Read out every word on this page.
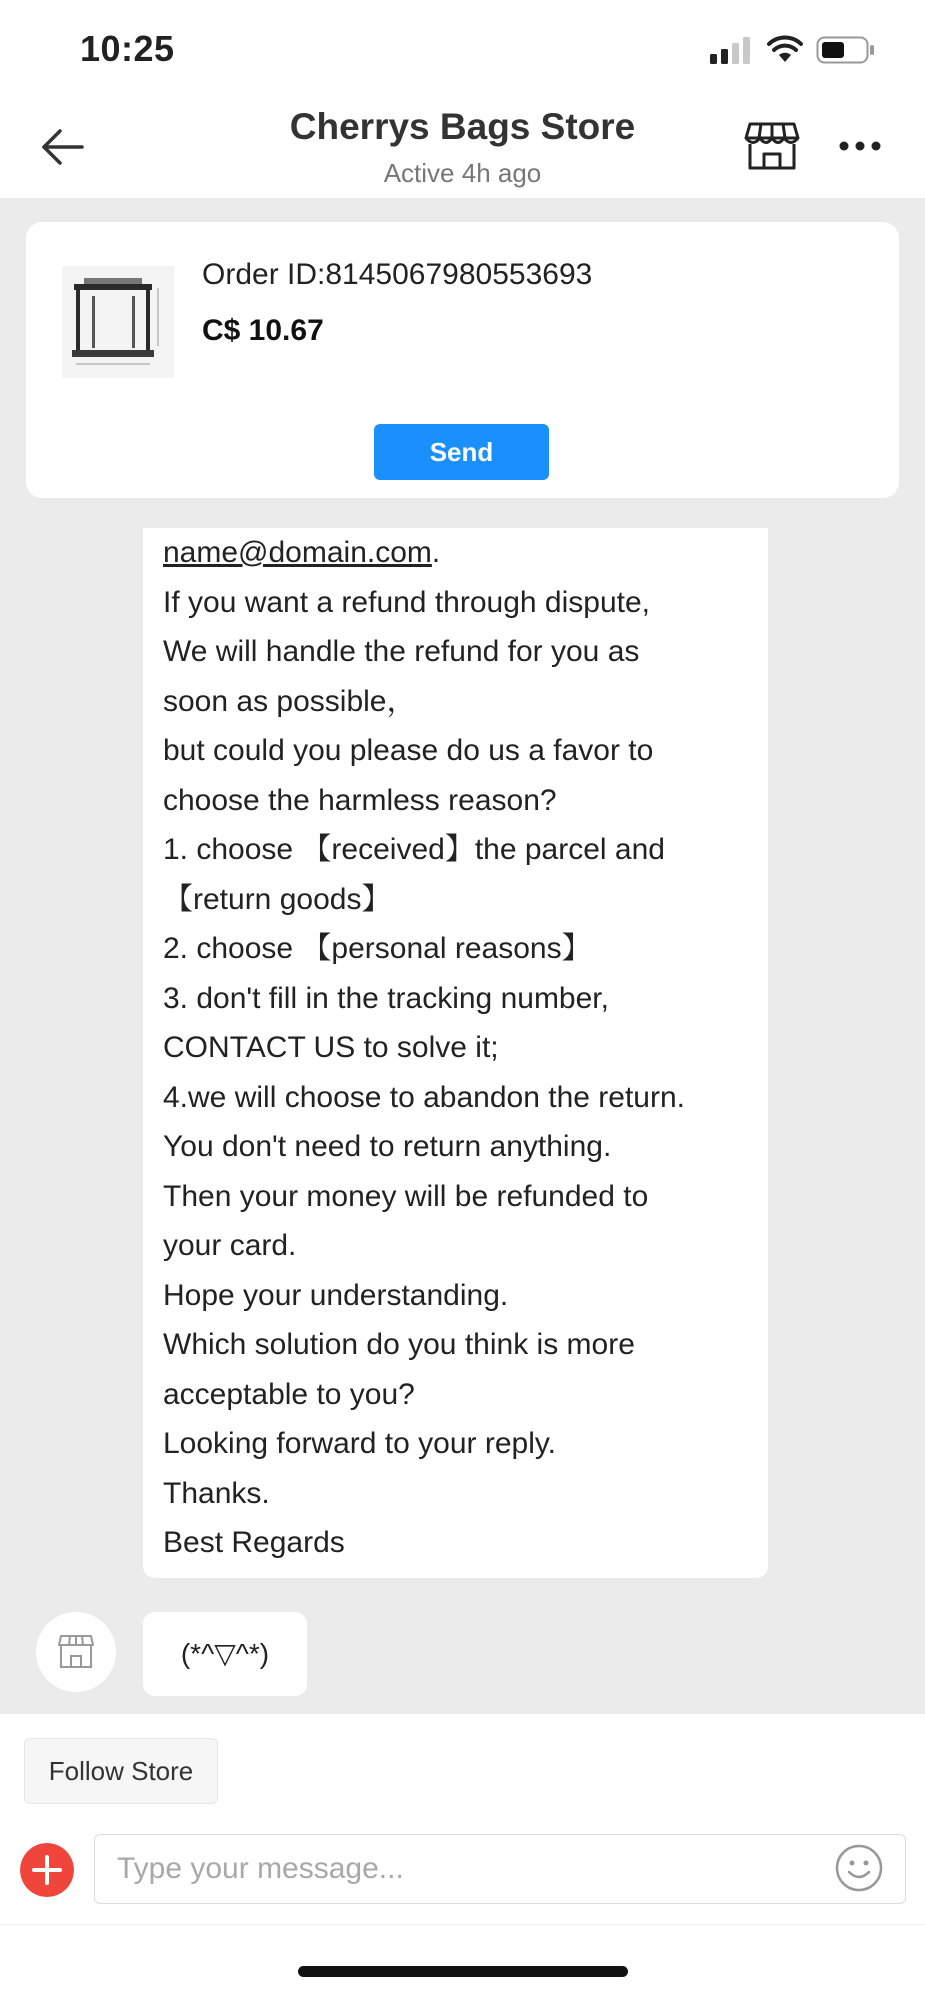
10:25
Cherrys Bags Store
Active 4h ago
Order ID:8145067980553693
C$ 10.67
Send
name@domain.com.
If you want a refund through dispute,
We will handle the refund for you as
soon as possible，
but could you please do us a favor to
choose the harmless reason?
1. choose 【received】the parcel and
【return goods】
2. choose 【personal reasons】
3. don't fill in the tracking number,
CONTACT US to solve it;
4.we will choose to abandon the return.
You don't need to return anything.
Then your money will be refunded to
your card.
Hope your understanding.
Which solution do you think is more
acceptable to you?
Looking forward to your reply.
Thanks.
Best Regards
(*^▽^*)
Follow Store
Type your message...
